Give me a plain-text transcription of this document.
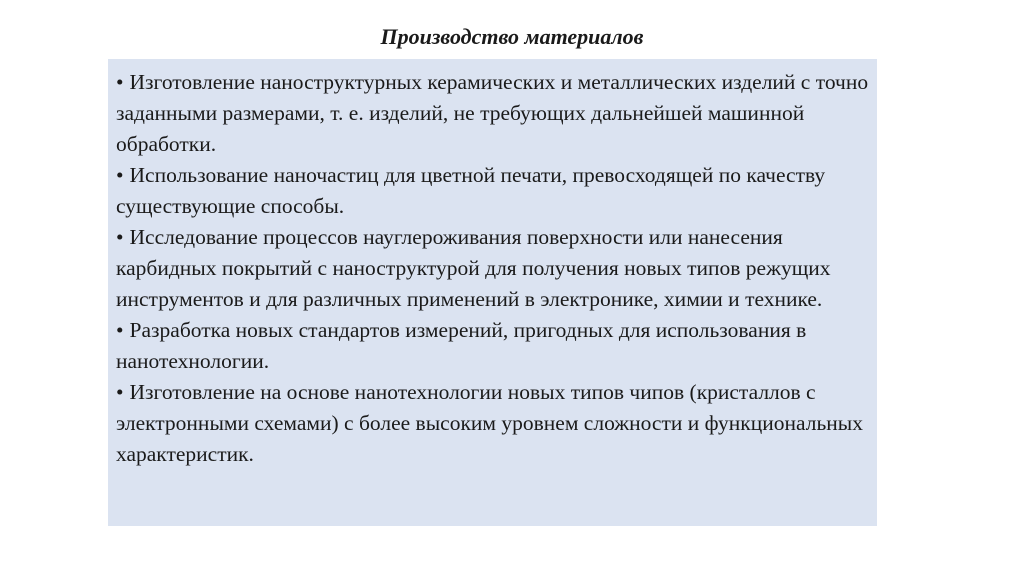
Производство материалов
• Изготовление наноструктурных керамических и металлических изделий с точно заданными размерами, т. е. изделий, не требующих дальнейшей машинной обработки.
• Использование наночастиц для цветной печати, превосходящей по качеству существующие способы.
• Исследование процессов науглероживания поверхности или нанесения карбидных покрытий с наноструктурой для получения новых типов режущих инструментов и для различных применений в электронике, химии и технике.
• Разработка новых стандартов измерений, пригодных для использования в нанотехнологии.
• Изготовление на основе нанотехнологии новых типов чипов (кристаллов с электронными схемами) с более высоким уровнем сложности и функциональных характеристик.
